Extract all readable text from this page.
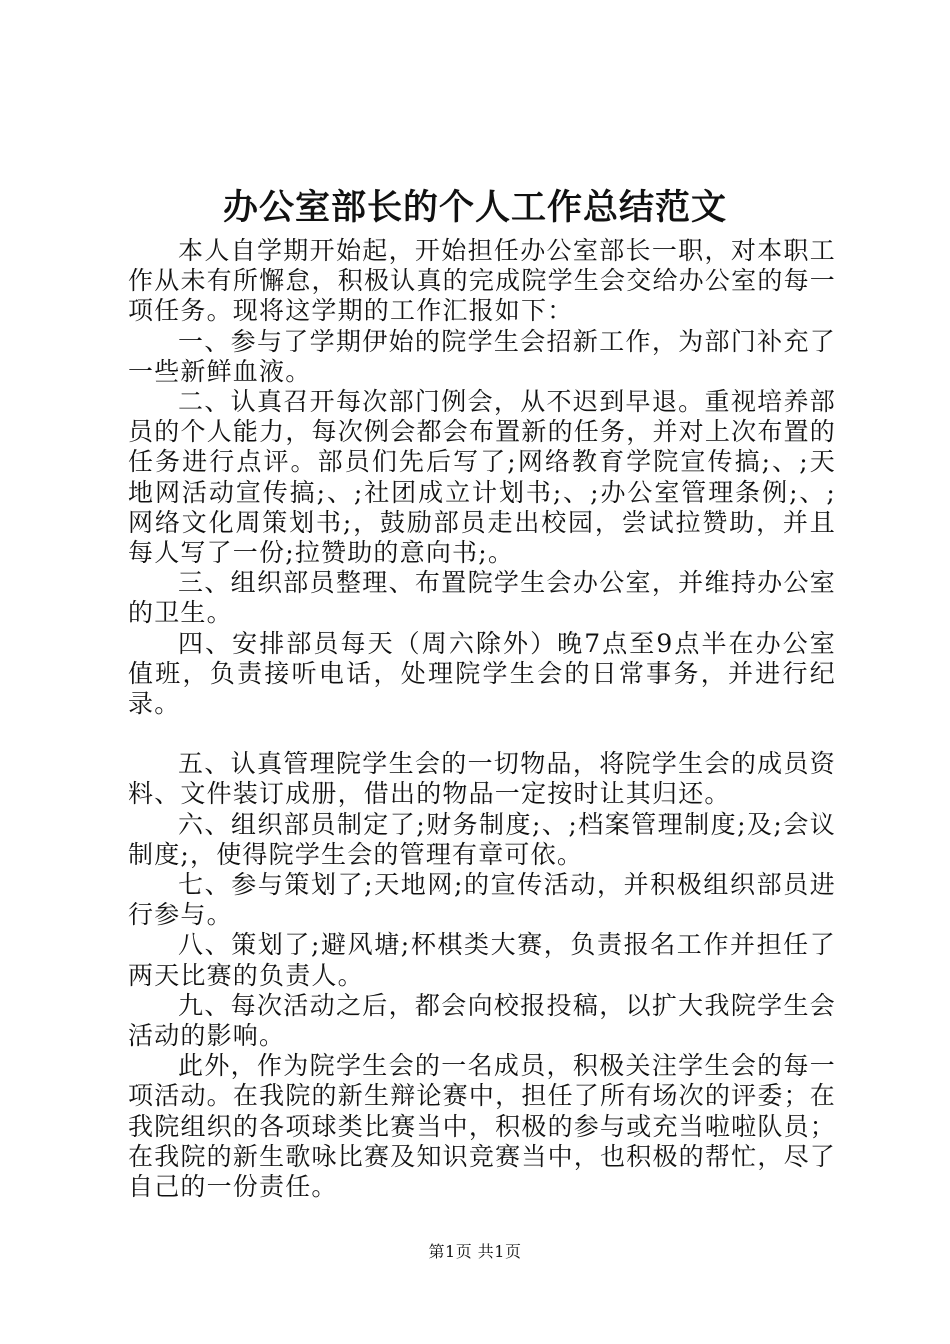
办公室部长的个人工作总结范文

本人自学期开始起，开始担任办公室部长一职，对本职工作从未有所懈怠，积极认真的完成院学生会交给办公室的每一项任务。现将这学期的工作汇报如下：

一、参与了学期伊始的院学生会招新工作，为部门补充了一些新鲜血液。

二、认真召开每次部门例会，从不迟到早退。重视培养部员的个人能力，每次例会都会布置新的任务，并对上次布置的任务进行点评。部员们先后写了;网络教育学院宣传搞;、;天地网活动宣传搞;、;社团成立计划书;、;办公室管理条例;、;网络文化周策划书;，鼓励部员走出校园，尝试拉赞助，并且每人写了一份;拉赞助的意向书;。

三、组织部员整理、布置院学生会办公室，并维持办公室的卫生。

四、安排部员每天（周六除外）晚7点至9点半在办公室值班，负责接听电话，处理院学生会的日常事务，并进行纪录。

五、认真管理院学生会的一切物品，将院学生会的成员资料、文件装订成册，借出的物品一定按时让其归还。

六、组织部员制定了;财务制度;、;档案管理制度;及;会议制度;，使得院学生会的管理有章可依。

七、参与策划了;天地网;的宣传活动，并积极组织部员进行参与。

八、策划了;避风塘;杯棋类大赛，负责报名工作并担任了两天比赛的负责人。

九、每次活动之后，都会向校报投稿，以扩大我院学生会活动的影响。

此外，作为院学生会的一名成员，积极关注学生会的每一项活动。在我院的新生辩论赛中，担任了所有场次的评委；在我院组织的各项球类比赛当中，积极的参与或充当啦啦队员；在我院的新生歌咏比赛及知识竞赛当中，也积极的帮忙，尽了自己的一份责任。

第1页 共1页
